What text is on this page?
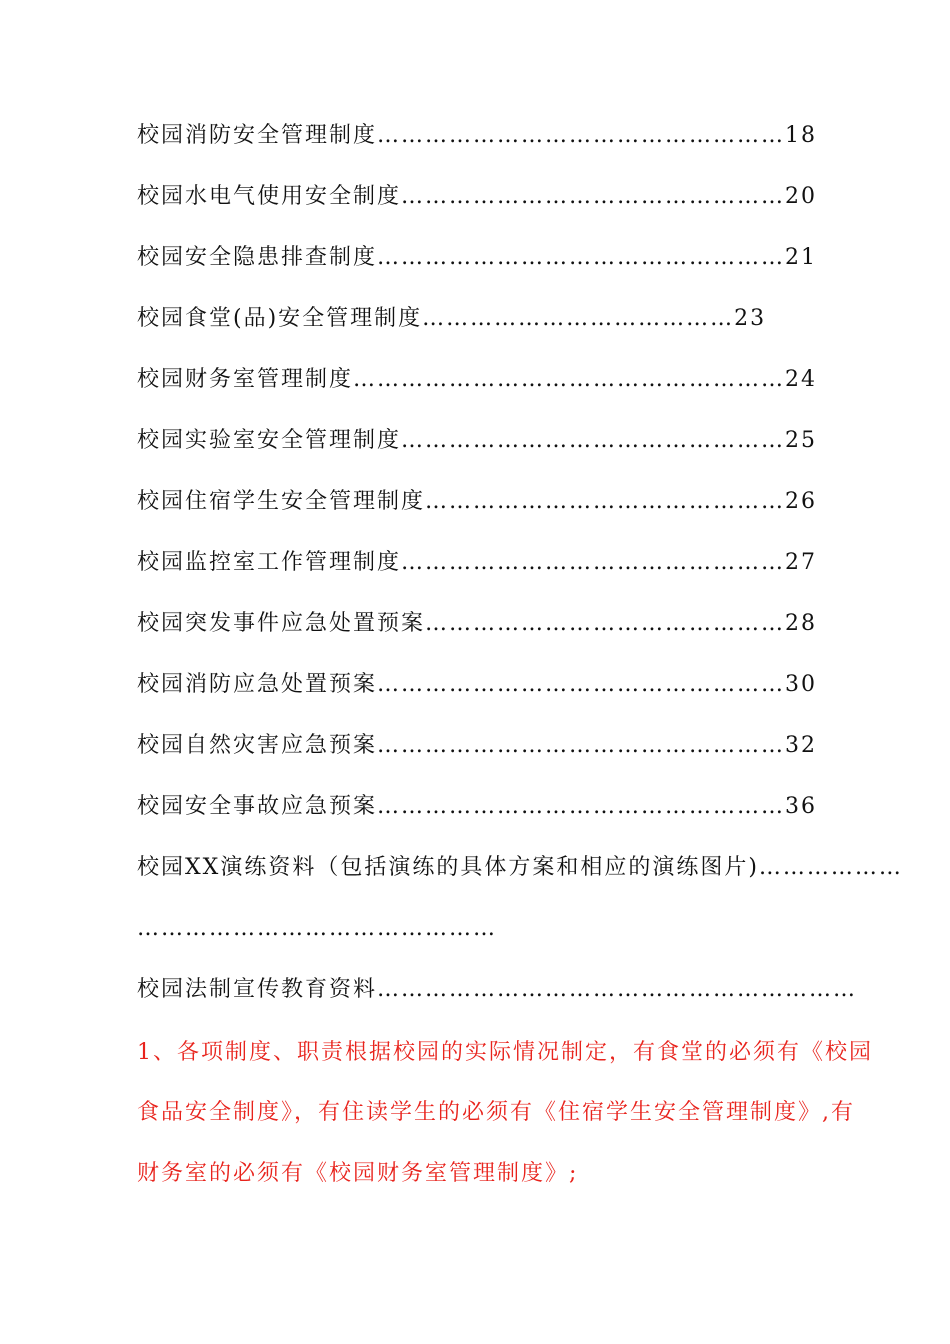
校园消防安全管理制度……………………………………………18
校园水电气使用安全制度…………………………………………20
校园安全隐患排查制度……………………………………………21
校园食堂(品)安全管理制度…………………………………23
校园财务室管理制度………………………………………………24
校园实验室安全管理制度…………………………………………25
校园住宿学生安全管理制度………………………………………26
校园监控室工作管理制度…………………………………………27
校园突发事件应急处置预案………………………………………28
校园消防应急处置预案……………………………………………30
校园自然灾害应急预案……………………………………………32
校园安全事故应急预案……………………………………………36
校园XX演练资料（包括演练的具体方案和相应的演练图片)………………
………………………………………
校园法制宣传教育资料……………………………………………………
1、各项制度、职责根据校园的实际情况制定，有食堂的必须有《校园
食品安全制度》，有住读学生的必须有《住宿学生安全管理制度》,有
财务室的必须有《校园财务室管理制度》;
